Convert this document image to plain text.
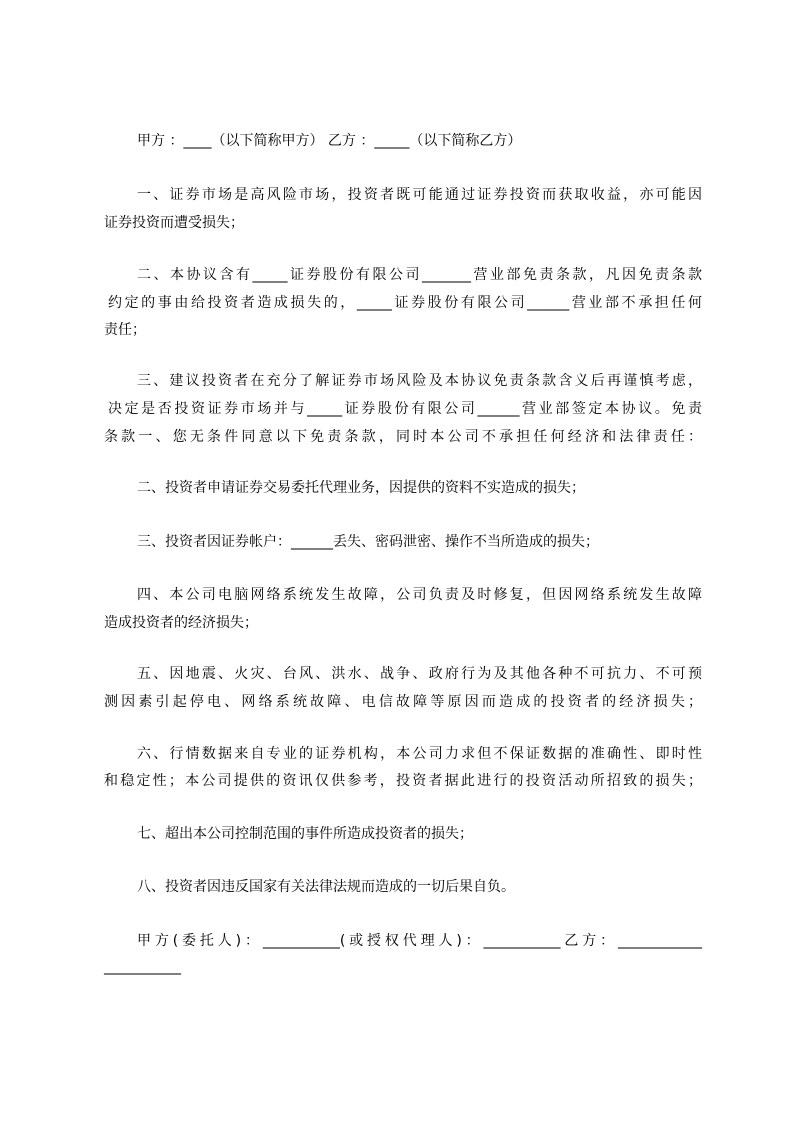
甲方 ：____（以下简称甲方） 乙方 ：_____（以下简称乙方）
一、证券市场是高风险市场，投资者既可能通过证券投资而获取收益，亦可能因
证券投资而遭受损失；
二、本协议含有_____证券股份有限公司_______营业部免责条款，凡因免责条款
约定的事由给投资者造成损失的，_____证券股份有限公司______营业部不承担任何
责任；
三、建议投资者在充分了解证券市场风险及本协议免责条款含义后再谨慎考虑，
决定是否投资证券市场并与_____证券股份有限公司______营业部签定本协议。免责
条款一、您无条件同意以下免责条款，同时本公司不承担任何经济和法律责任：
二、投资者申请证券交易委托代理业务，因提供的资料不实造成的损失；
三、投资者因证券帐户：______丢失、密码泄密、操作不当所造成的损失；
四、本公司电脑网络系统发生故障，公司负责及时修复，但因网络系统发生故障
造成投资者的经济损失；
五、因地震、火灾、台风、洪水、战争、政府行为及其他各种不可抗力、不可预
测因素引起停电、网络系统故障、电信故障等原因而造成的投资者的经济损失；
六、行情数据来自专业的证券机构，本公司力求但不保证数据的准确性、即时性
和稳定性；本公司提供的资讯仅供参考，投资者据此进行的投资活动所招致的损失；
七、超出本公司控制范围的事件所造成投资者的损失；
八、投资者因违反国家有关法律法规而造成的一切后果自负。
甲方(委托人)：___________(或授权代理人)：___________乙方：____________
___________
